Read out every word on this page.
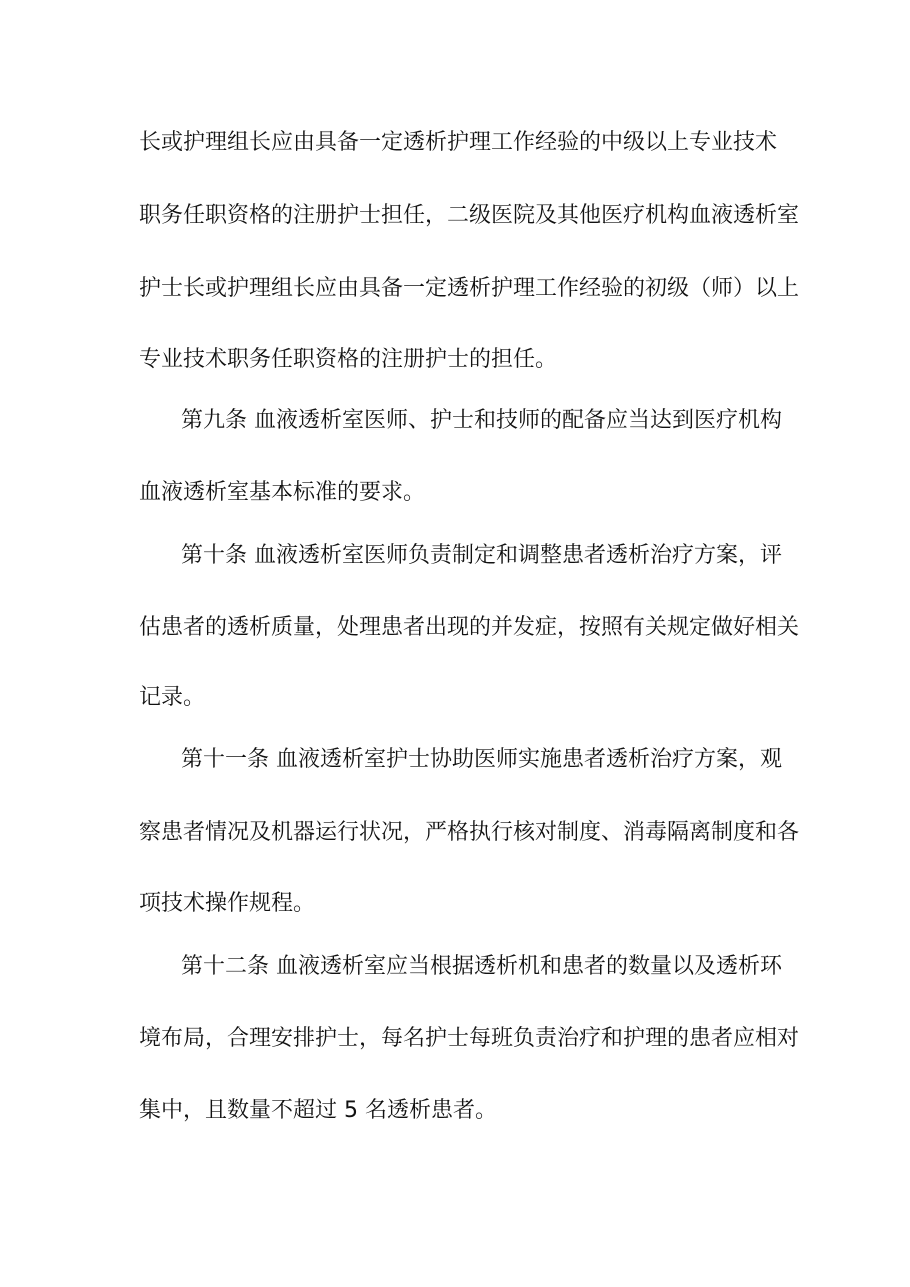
长或护理组长应由具备一定透析护理工作经验的中级以上专业技术
职务任职资格的注册护士担任，二级医院及其他医疗机构血液透析室
护士长或护理组长应由具备一定透析护理工作经验的初级（师）以上
专业技术职务任职资格的注册护士的担任。
第九条 血液透析室医师、护士和技师的配备应当达到医疗机构
血液透析室基本标准的要求。
第十条 血液透析室医师负责制定和调整患者透析治疗方案，评
估患者的透析质量，处理患者出现的并发症，按照有关规定做好相关
记录。
第十一条 血液透析室护士协助医师实施患者透析治疗方案，观
察患者情况及机器运行状况，严格执行核对制度、消毒隔离制度和各
项技术操作规程。
第十二条 血液透析室应当根据透析机和患者的数量以及透析环
境布局，合理安排护士，每名护士每班负责治疗和护理的患者应相对
集中，且数量不超过 5 名透析患者。
